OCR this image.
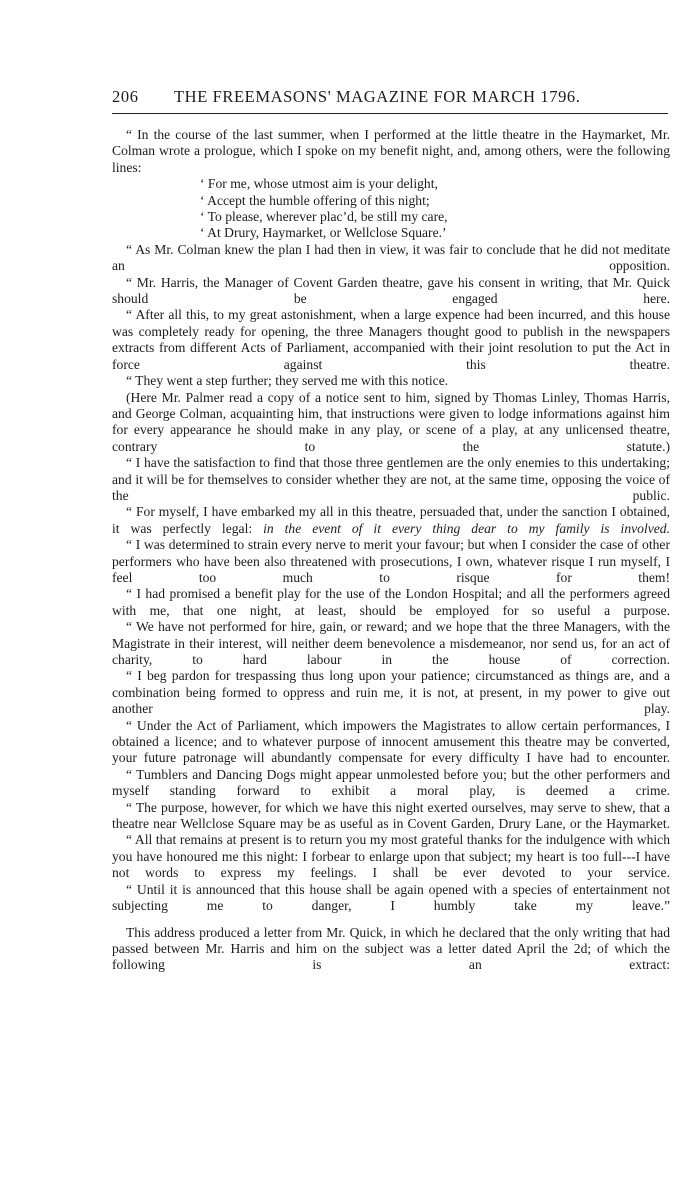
206 THE FREEMASONS' MAGAZINE FOR MARCH 1796.

“ In the course of the last summer, when I performed at the little theatre in the Haymarket, Mr. Colman wrote a prologue, which I spoke on my benefit night, and, among others, were the following lines:

‘ For me, whose utmost aim is your delight,
‘ Accept the humble offering of this night;
‘ To please, wherever plac’d, be still my care,
‘ At Drury, Haymarket, or Wellclose Square.’

“ As Mr. Colman knew the plan I had then in view, it was fair to conclude that he did not meditate an opposition.

“ Mr. Harris, the Manager of Covent Garden theatre, gave his consent in writing, that Mr. Quick should be engaged here.

“ After all this, to my great astonishment, when a large expence had been incurred, and this house was completely ready for opening, the three Managers thought good to publish in the newspapers extracts from different Acts of Parliament, accompanied with their joint resolution to put the Act in force against this theatre.

“ They went a step further; they served me with this notice.

(Here Mr. Palmer read a copy of a notice sent to him, signed by Thomas Linley, Thomas Harris, and George Colman, acquainting him, that instructions were given to lodge informations against him for every appearance he should make in any play, or scene of a play, at any unlicensed theatre, contrary to the statute.)

“ I have the satisfaction to find that those three gentlemen are the only enemies to this undertaking; and it will be for themselves to consider whether they are not, at the same time, opposing the voice of the public.

“ For myself, I have embarked my all in this theatre, persuaded that, under the sanction I obtained, it was perfectly legal: in the event of it every thing dear to my family is involved.

“ I was determined to strain every nerve to merit your favour; but when I consider the case of other performers who have been also threatened with prosecutions, I own, whatever risque I run myself, I feel too much to risque for them!

“ I had promised a benefit play for the use of the London Hospital; and all the performers agreed with me, that one night, at least, should be employed for so useful a purpose.

“ We have not performed for hire, gain, or reward; and we hope that the three Managers, with the Magistrate in their interest, will neither deem benevolence a misdemeanor, nor send us, for an act of charity, to hard labour in the house of correction.

“ I beg pardon for trespassing thus long upon your patience; circumstanced as things are, and a combination being formed to oppress and ruin me, it is not, at present, in my power to give out another play.

“ Under the Act of Parliament, which impowers the Magistrates to allow certain performances, I obtained a licence; and to whatever purpose of innocent amusement this theatre may be converted, your future patronage will abundantly compensate for every difficulty I have had to encounter.

“ Tumblers and Dancing Dogs might appear unmolested before you; but the other performers and myself standing forward to exhibit a moral play, is deemed a crime.

“ The purpose, however, for which we have this night exerted ourselves, may serve to shew, that a theatre near Wellclose Square may be as useful as in Covent Garden, Drury Lane, or the Haymarket.

“ All that remains at present is to return you my most grateful thanks for the indulgence with which you have honoured me this night: I forbear to enlarge upon that subject; my heart is too full---I have not words to express my feelings. I shall be ever devoted to your service.

“ Until it is announced that this house shall be again opened with a species of entertainment not subjecting me to danger, I humbly take my leave.”

This address produced a letter from Mr. Quick, in which he declared that the only writing that had passed between Mr. Harris and him on the subject was a letter dated April the 2d; of which the following is an extract:
